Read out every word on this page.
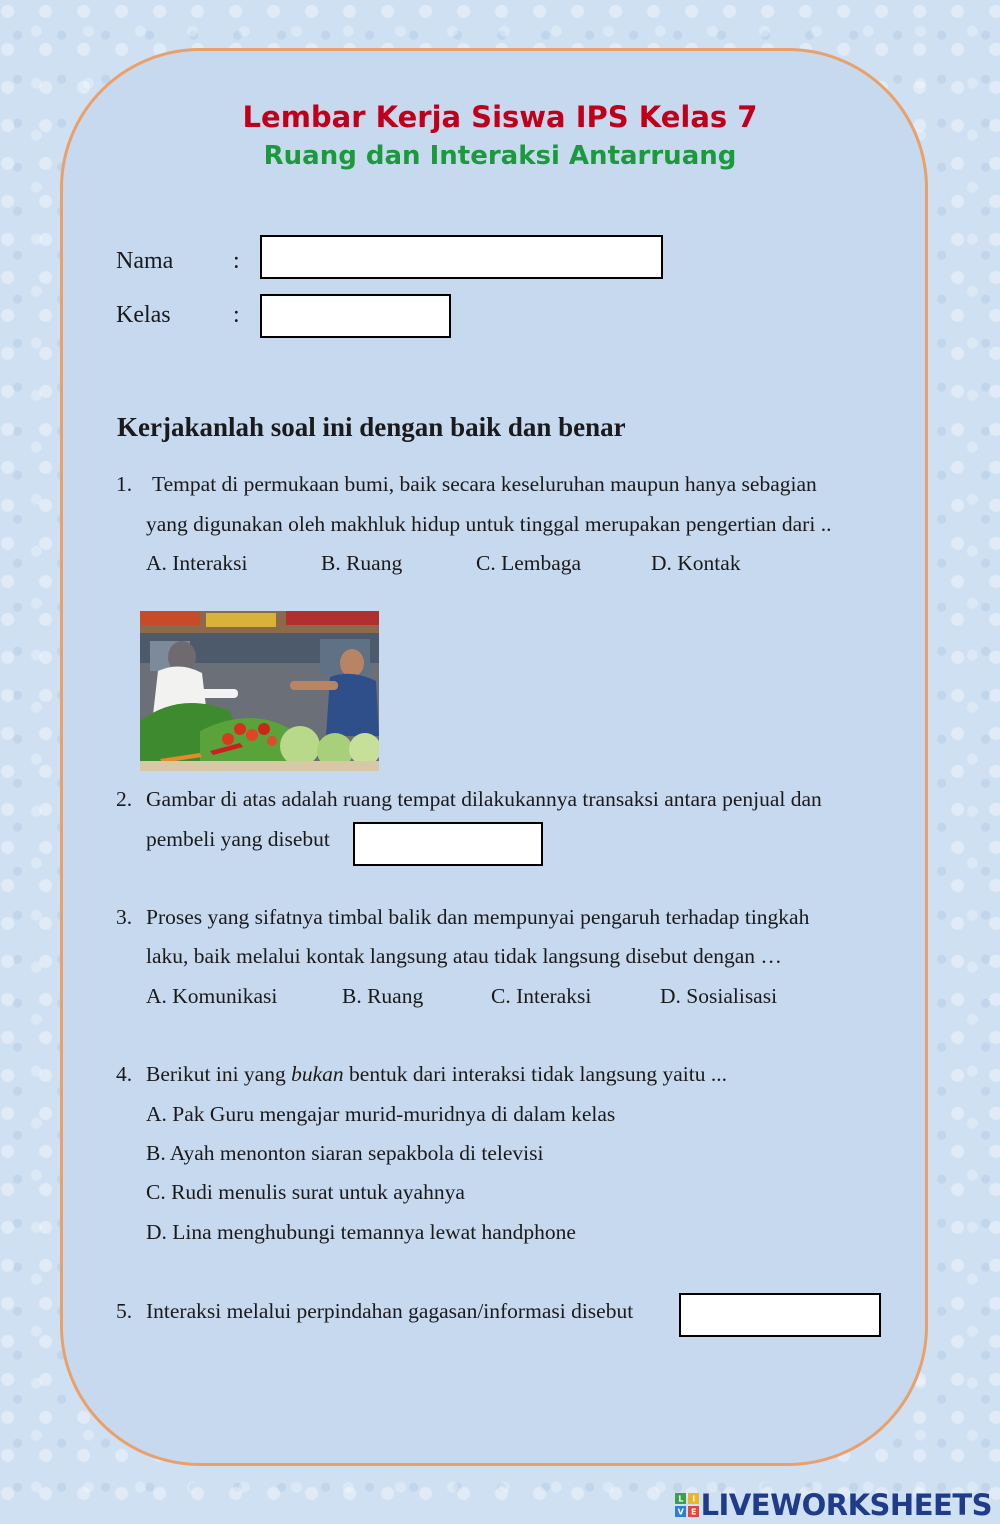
Lembar Kerja Siswa IPS Kelas 7
Ruang dan Interaksi Antarruang
Nama :
Kelas	:
Kerjakanlah soal ini dengan baik dan benar
1. Tempat di permukaan bumi, baik secara keseluruhan maupun hanya sebagian
yang digunakan oleh makhluk hidup untuk tinggal merupakan pengertian dari ..
A. Interaksi	B. Ruang	C. Lembaga	D. Kontak
2. Gambar di atas adalah ruang tempat dilakukannya transaksi antara penjual dan
pembeli yang disebut
3. Proses yang sifatnya timbal balik dan mempunyai pengaruh terhadap tingkah
laku, baik melalui kontak langsung atau tidak langsung disebut dengan …
A. Komunikasi	B. Ruang	C. Interaksi	D. Sosialisasi
4. Berikut ini yang bukan bentuk dari interaksi tidak langsung yaitu ...
A. Pak Guru mengajar murid-muridnya di dalam kelas
B. Ayah menonton siaran sepakbola di televisi
C. Rudi menulis surat untuk ayahnya
D. Lina menghubungi temannya lewat handphone
5. Interaksi melalui perpindahan gagasan/informasi disebut
L I
V E LIVEWORKSHEETS
